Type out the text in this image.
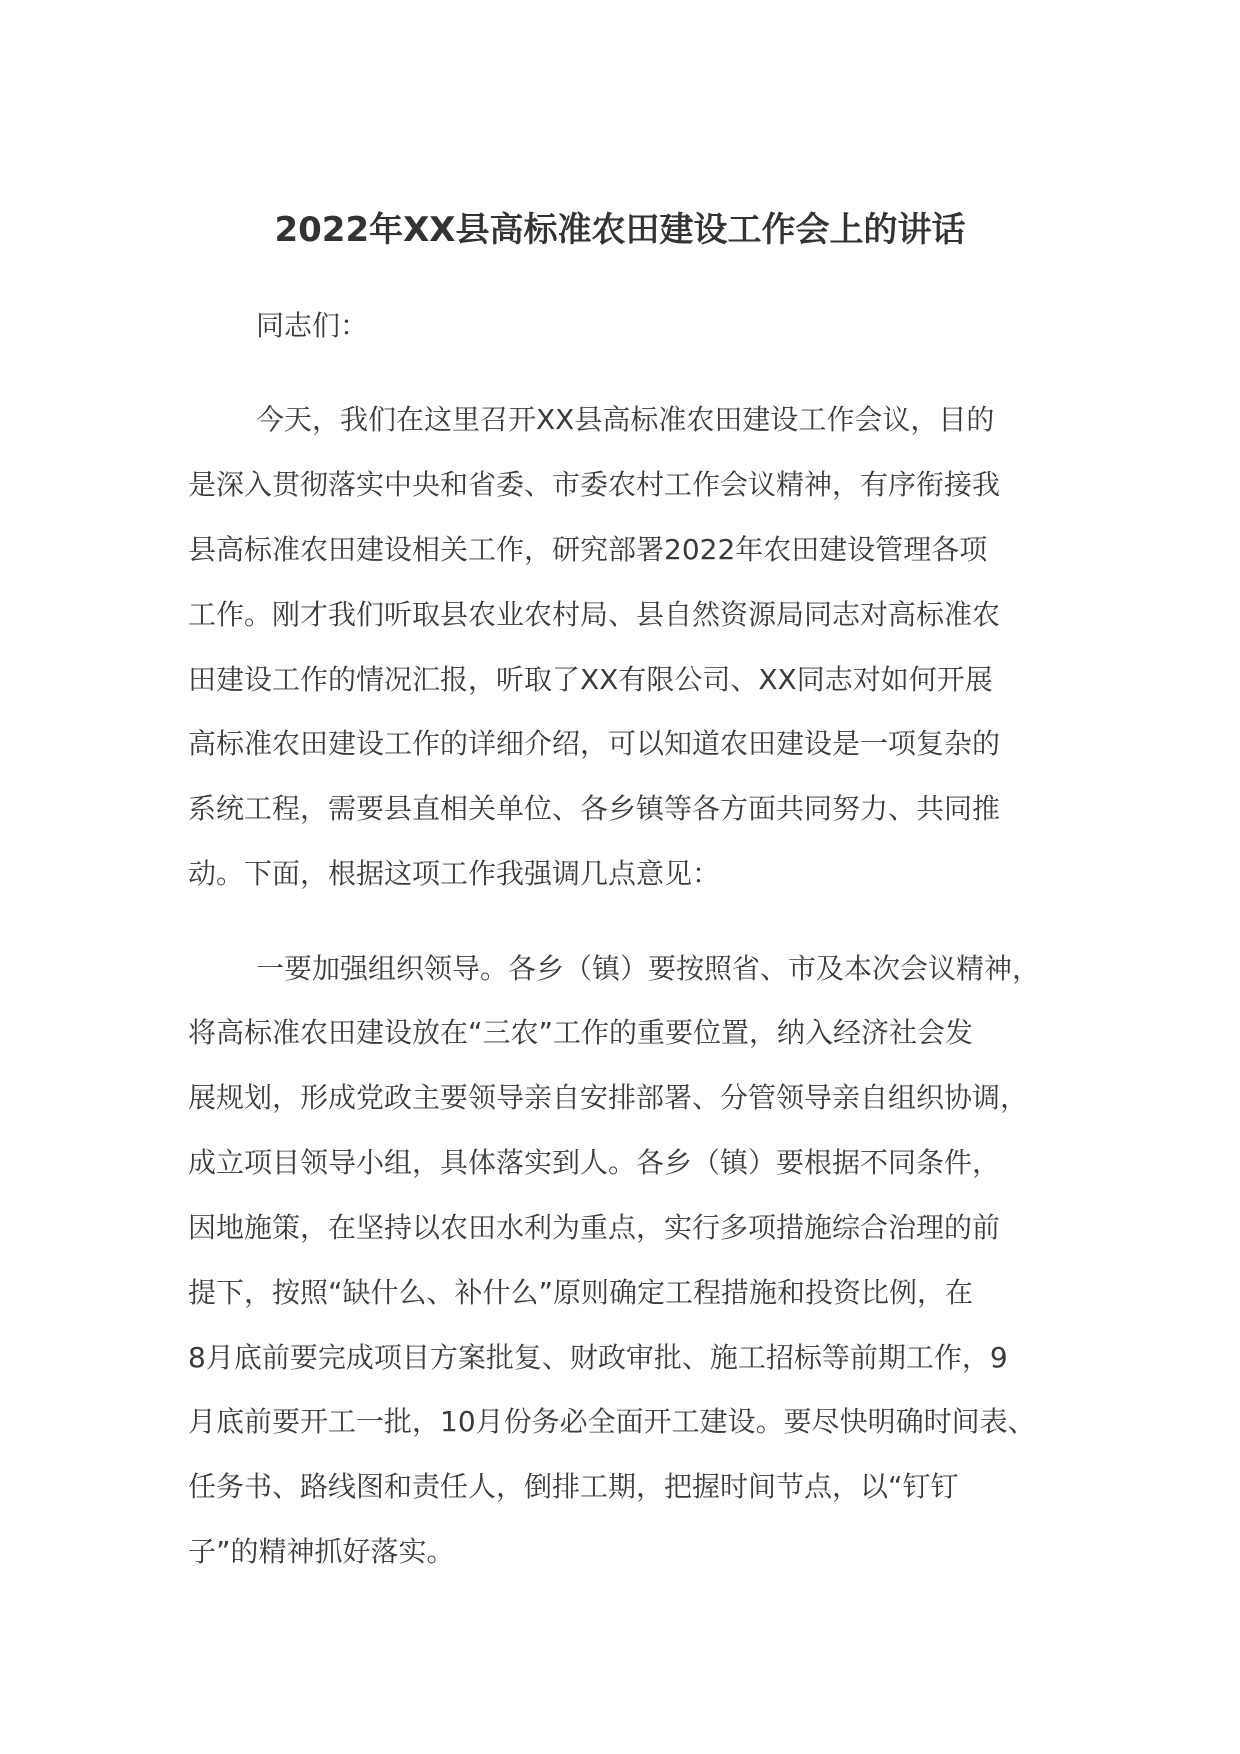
2022年XX县高标准农田建设工作会上的讲话
同志们：
今天，我们在这里召开XX县高标准农田建设工作会议，目的
是深入贯彻落实中央和省委、市委农村工作会议精神，有序衔接我
县高标准农田建设相关工作，研究部署2022年农田建设管理各项
工作。刚才我们听取县农业农村局、县自然资源局同志对高标准农
田建设工作的情况汇报，听取了XX有限公司、XX同志对如何开展
高标准农田建设工作的详细介绍，可以知道农田建设是一项复杂的
系统工程，需要县直相关单位、各乡镇等各方面共同努力、共同推
动。下面，根据这项工作我强调几点意见：
一要加强组织领导。各乡（镇）要按照省、市及本次会议精神，
将高标准农田建设放在“三农”工作的重要位置，纳入经济社会发
展规划，形成党政主要领导亲自安排部署、分管领导亲自组织协调，
成立项目领导小组，具体落实到人。各乡（镇）要根据不同条件，
因地施策，在坚持以农田水利为重点，实行多项措施综合治理的前
提下，按照“缺什么、补什么”原则确定工程措施和投资比例，在
8月底前要完成项目方案批复、财政审批、施工招标等前期工作，9
月底前要开工一批，10月份务必全面开工建设。要尽快明确时间表、
任务书、路线图和责任人，倒排工期，把握时间节点，以“钉钉
子”的精神抓好落实。
